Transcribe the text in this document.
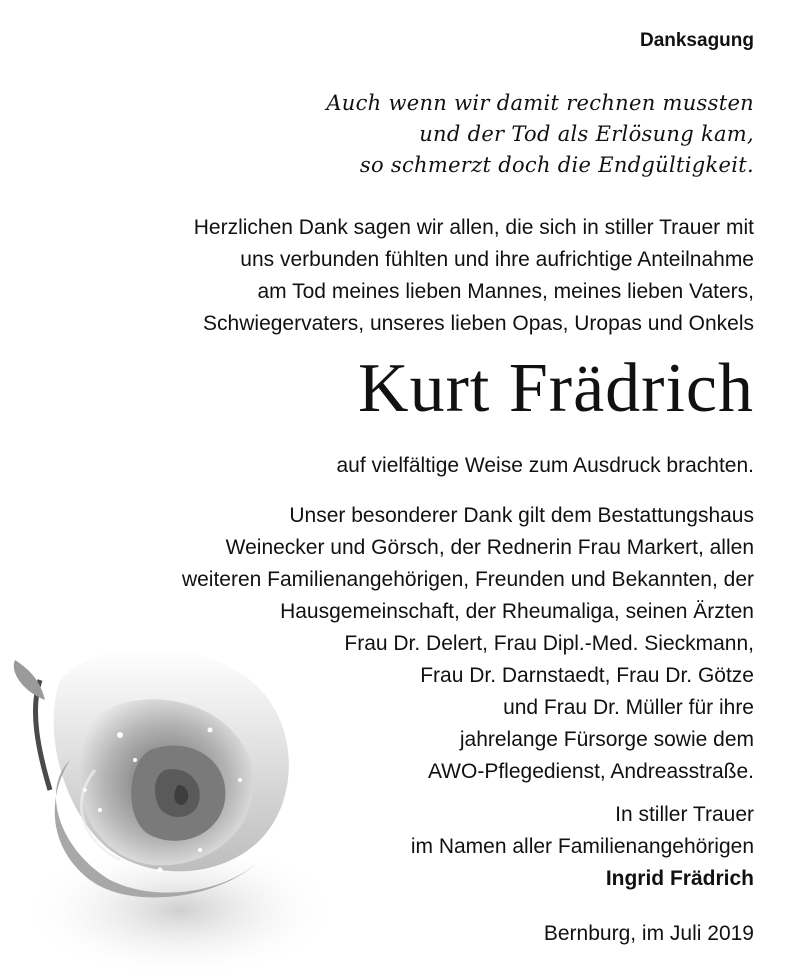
Danksagung
Auch wenn wir damit rechnen mussten
und der Tod als Erlösung kam,
so schmerzt doch die Endgültigkeit.
Herzlichen Dank sagen wir allen, die sich in stiller Trauer mit
uns verbunden fühlten und ihre aufrichtige Anteilnahme
am Tod meines lieben Mannes, meines lieben Vaters,
Schwiegervaters, unseres lieben Opas, Uropas und Onkels
Kurt Frädrich
auf vielfältige Weise zum Ausdruck brachten.
Unser besonderer Dank gilt dem Bestattungshaus
Weinecker und Görsch, der Rednerin Frau Markert, allen
weiteren Familienangehörigen, Freunden und Bekannten, der
Hausgemeinschaft, der Rheumaliga, seinen Ärzten
Frau Dr. Delert, Frau Dipl.-Med. Sieckmann,
Frau Dr. Darnstaedt, Frau Dr. Götze
und Frau Dr. Müller für ihre
jahrelange Fürsorge sowie dem
AWO-Pflegedienst, Andreasstraße.
In stiller Trauer
im Namen aller Familienangehörigen
Ingrid Frädrich
Bernburg, im Juli 2019
